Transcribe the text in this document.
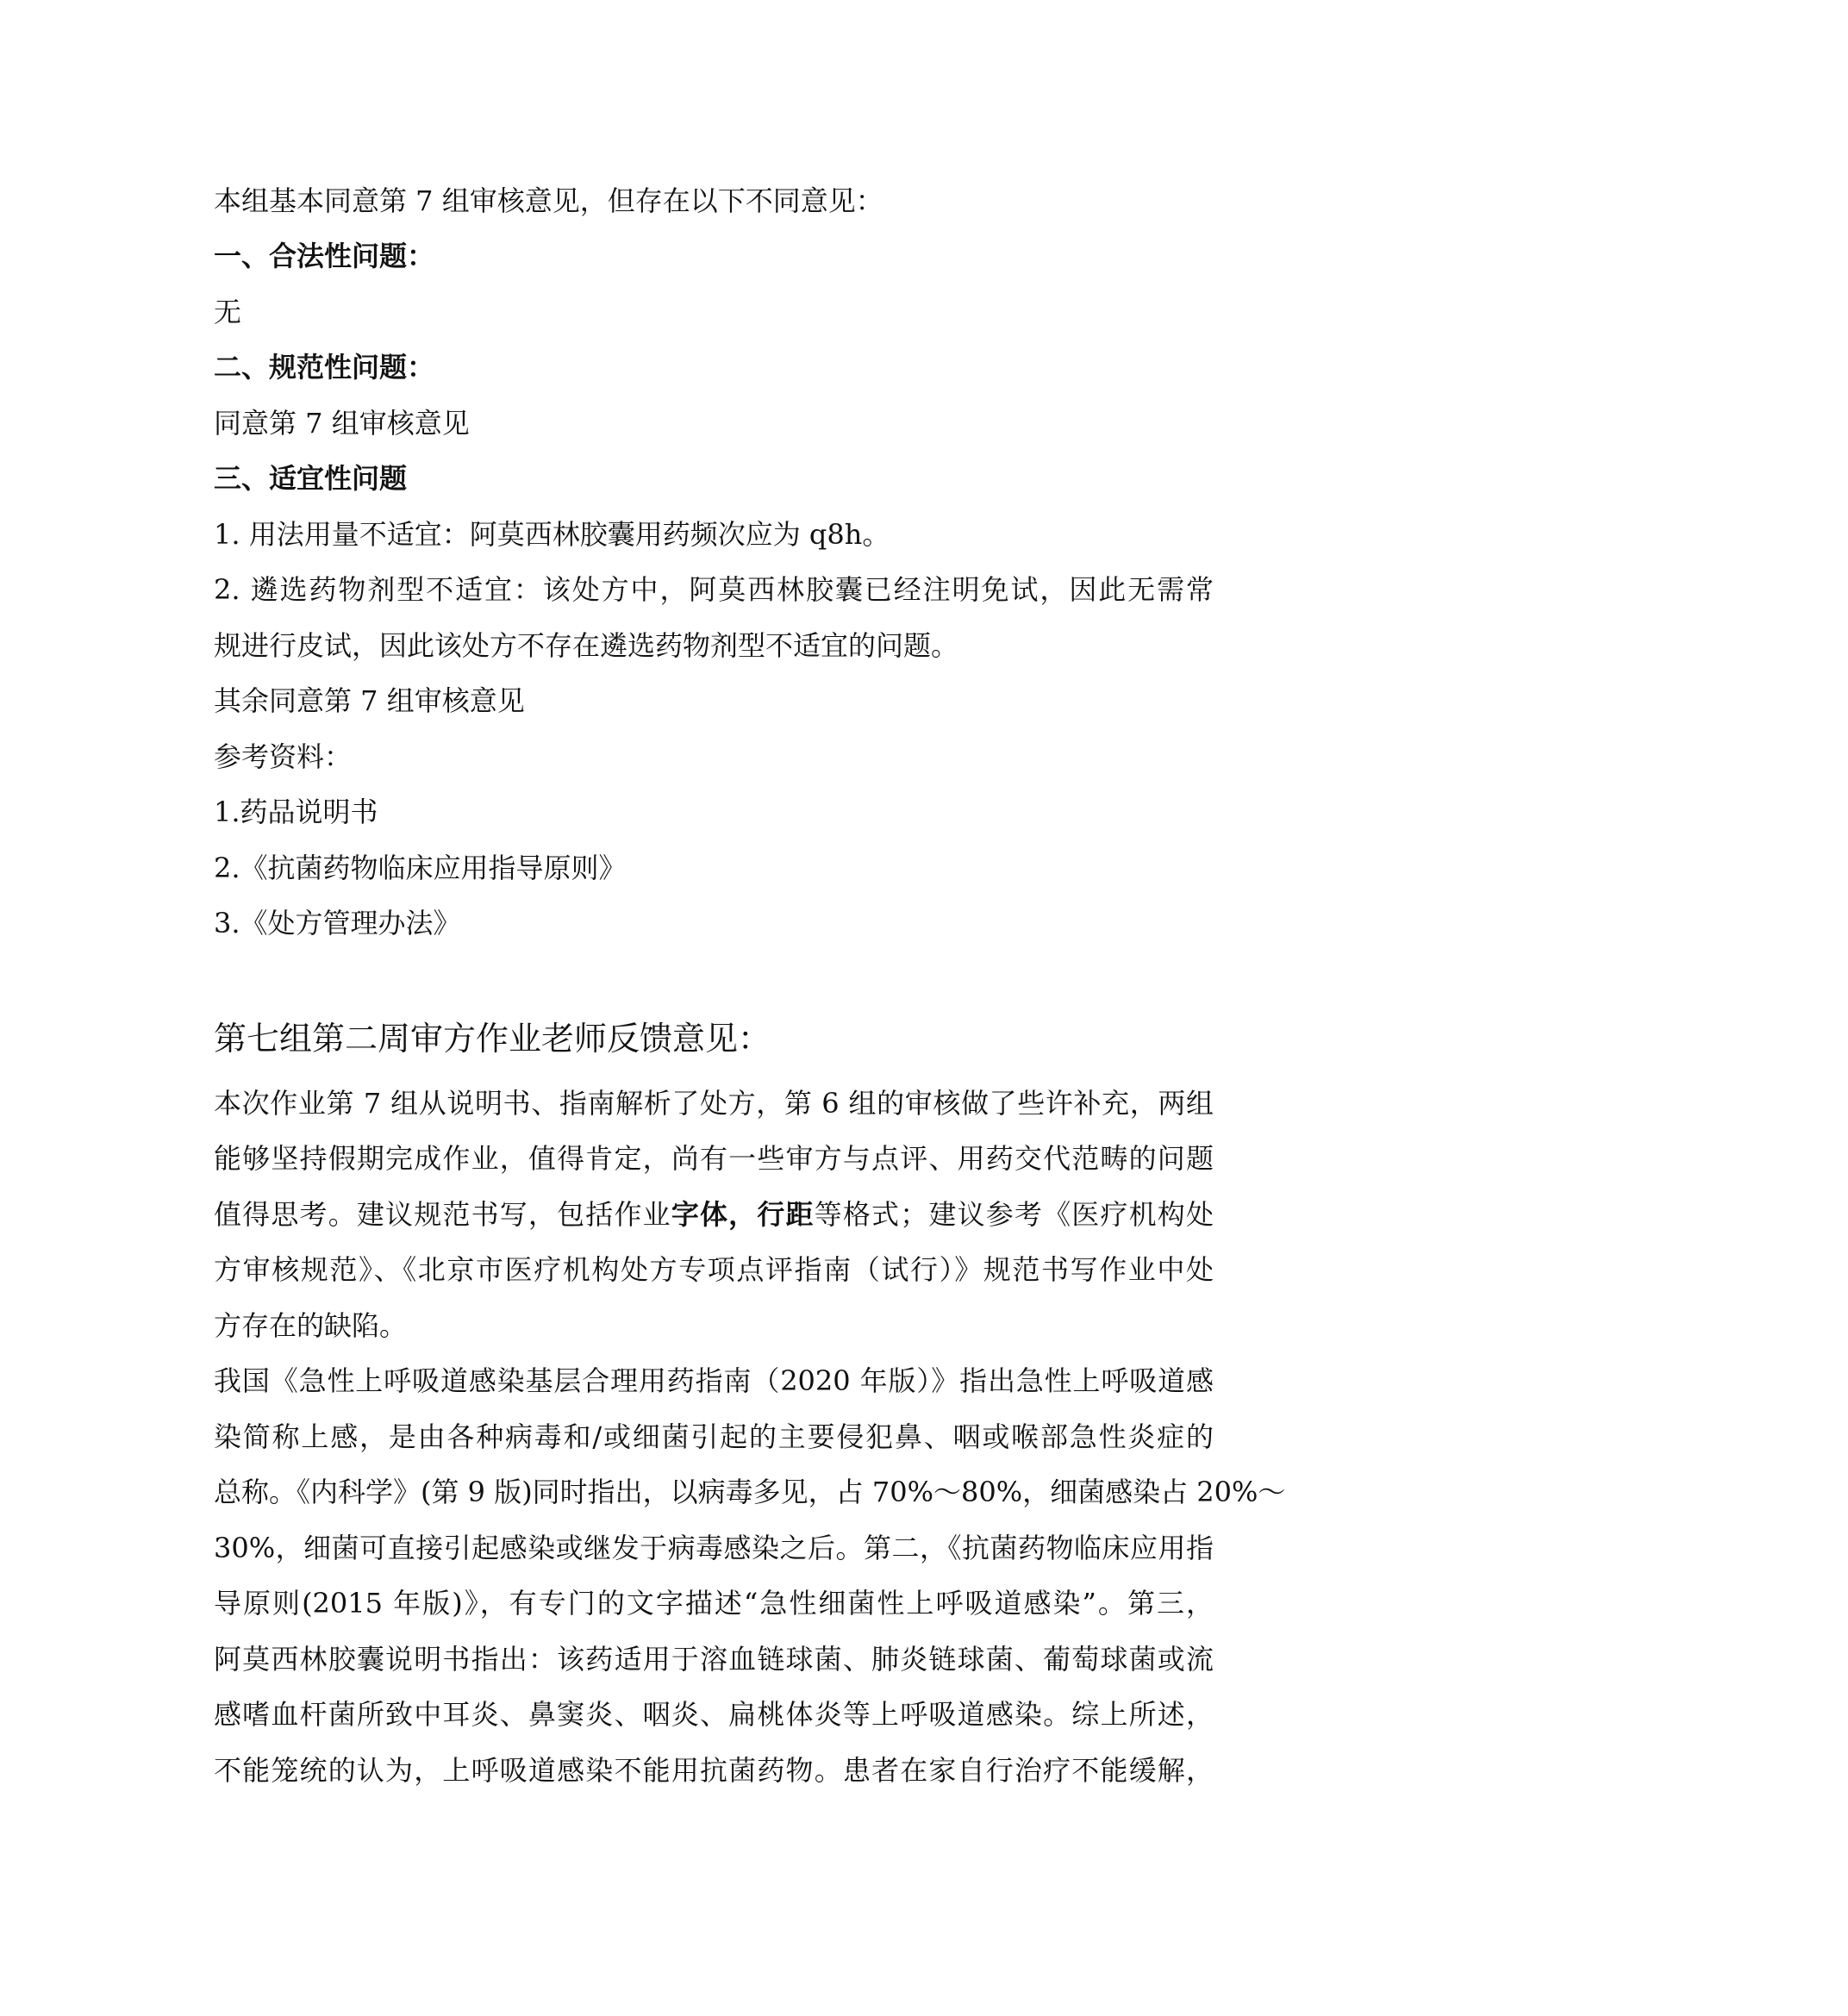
本组基本同意第 7 组审核意见，但存在以下不同意见：
一、合法性问题：
无
二、规范性问题：
同意第 7 组审核意见
三、适宜性问题
1. 用法用量不适宜：阿莫西林胶囊用药频次应为 q8h。
2. 遴选药物剂型不适宜：该处方中，阿莫西林胶囊已经注明免试，因此无需常
规进行皮试，因此该处方不存在遴选药物剂型不适宜的问题。
其余同意第 7 组审核意见
参考资料：
1.药品说明书
2.《抗菌药物临床应用指导原则》
3.《处方管理办法》
第七组第二周审方作业老师反馈意见：
本次作业第 7 组从说明书、指南解析了处方，第 6 组的审核做了些许补充，两组
能够坚持假期完成作业，值得肯定，尚有一些审方与点评、用药交代范畴的问题
值得思考。建议规范书写，包括作业字体，行距等格式；建议参考《医疗机构处
方审核规范》、《北京市医疗机构处方专项点评指南（试行）》规范书写作业中处
方存在的缺陷。
我国《急性上呼吸道感染基层合理用药指南（2020 年版）》指出急性上呼吸道感
染简称上感，是由各种病毒和/或细菌引起的主要侵犯鼻、咽或喉部急性炎症的
总称。《内科学》(第 9 版)同时指出，以病毒多见，占 70%～80%，细菌感染占 20%～
30%，细菌可直接引起感染或继发于病毒感染之后。第二，《抗菌药物临床应用指
导原则(2015 年版)》，有专门的文字描述“急性细菌性上呼吸道感染”。第三，
阿莫西林胶囊说明书指出：该药适用于溶血链球菌、肺炎链球菌、葡萄球菌或流
感嗜血杆菌所致中耳炎、鼻窦炎、咽炎、扁桃体炎等上呼吸道感染。综上所述，
不能笼统的认为，上呼吸道感染不能用抗菌药物。患者在家自行治疗不能缓解，
